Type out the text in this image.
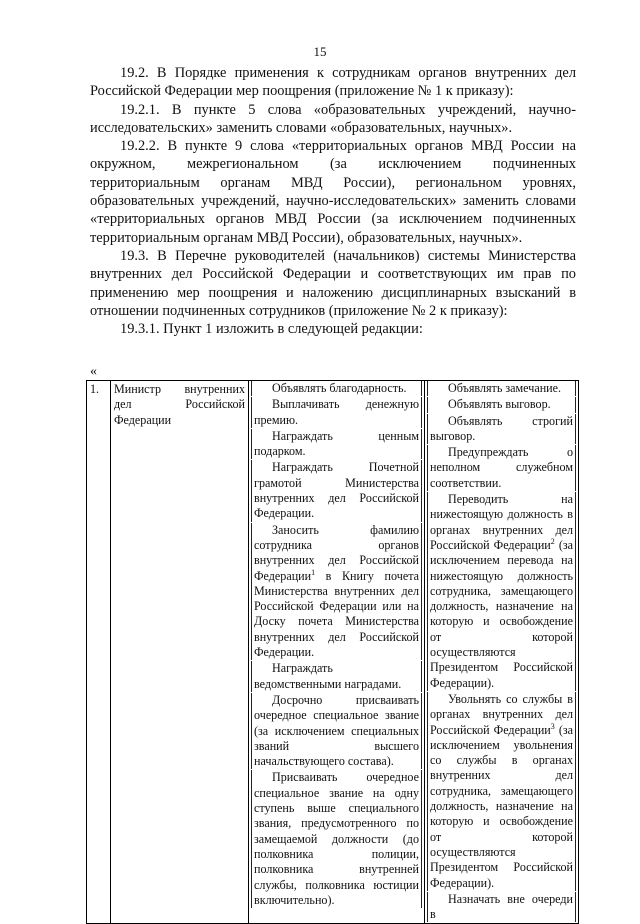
15

19.2. В Порядке применения к сотрудникам органов внутренних дел Российской Федерации мер поощрения (приложение № 1 к приказу):

19.2.1. В пункте 5 слова «образовательных учреждений, научно-исследовательских» заменить словами «образовательных, научных».

19.2.2. В пункте 9 слова «территориальных органов МВД России на окружном, межрегиональном (за исключением подчиненных территориальным органам МВД России), региональном уровнях, образовательных учреждений, научно-исследовательских» заменить словами «территориальных органов МВД России (за исключением подчиненных территориальным органам МВД России), образовательных, научных».

19.3. В Перечне руководителей (начальников) системы Министерства внутренних дел Российской Федерации и соответствующих им прав по применению мер поощрения и наложению дисциплинарных взысканий в отношении подчиненных сотрудников (приложение № 2 к приказу):

19.3.1. Пункт 1 изложить в следующей редакции:

«
1.	Министр внутренних дел Российской Федерации

Объявлять благодарность.
Выплачивать денежную премию.
Награждать ценным подарком.
Награждать Почетной грамотой Министерства внутренних дел Российской Федерации.
Заносить фамилию сотрудника органов внутренних дел Российской Федерации$^1$ в Книгу почета Министерства внутренних дел Российской Федерации или на Доску почета Министерства внутренних дел Российской Федерации.
Награждать ведомственными наградами.
Досрочно присваивать очередное специальное звание (за исключением специальных званий высшего начальствующего состава).
Присваивать очередное специальное звание на одну ступень выше специального звания, предусмотренного по замещаемой должности (до полковника полиции, полковника внутренней службы, полковника юстиции включительно).

Объявлять замечание.
Объявлять выговор.
Объявлять строгий выговор.
Предупреждать о неполном служебном соответствии.
Переводить на нижестоящую должность в органах внутренних дел Российской Федерации$^2$ (за исключением перевода на нижестоящую должность сотрудника, замещающего должность, назначение на которую и освобождение от которой осуществляются Президентом Российской Федерации).
Увольнять со службы в органах внутренних дел Российской Федерации$^3$ (за исключением увольнения со службы в органах внутренних дел сотрудника, замещающего должность, назначение на которую и освобождение от которой осуществляются Президентом Российской Федерации).
Назначать вне очереди в
